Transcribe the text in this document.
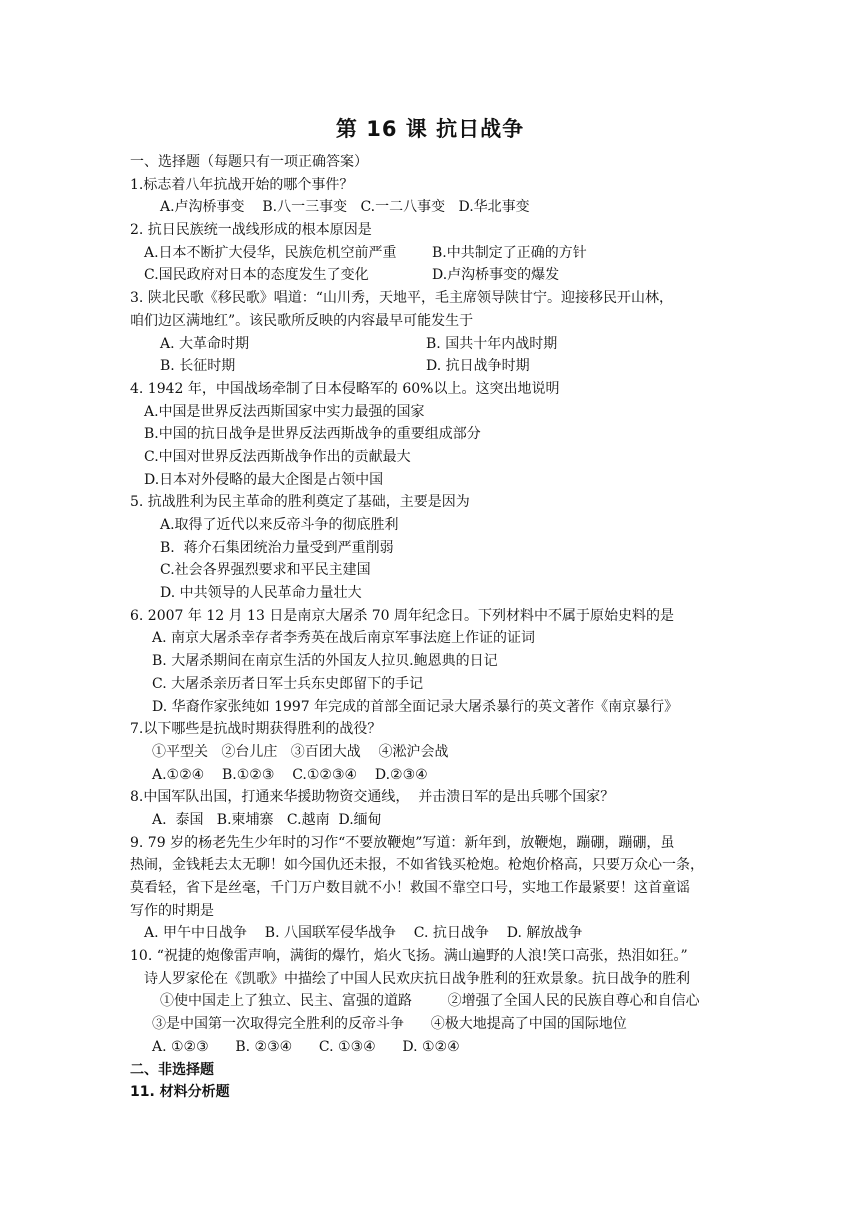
第 16 课 抗日战争
一、选择题（每题只有一项正确答案）
1.标志着八年抗战开始的哪个事件？
A.卢沟桥事变    B.八一三事变   C.一二八事变   D.华北事变
2. 抗日民族统一战线形成的根本原因是
A.日本不断扩大侵华，民族危机空前严重	B.中共制定了正确的方针
C.国民政府对日本的态度发生了变化	D.卢沟桥事变的爆发
3. 陕北民歌《移民歌》唱道：“山川秀，天地平，毛主席领导陕甘宁。迎接移民开山林，
咱们边区满地红”。该民歌所反映的内容最早可能发生于
A. 大革命时期	B. 国共十年内战时期
B. 长征时期	D. 抗日战争时期
4. 1942 年，中国战场牵制了日本侵略军的 60%以上。这突出地说明
A.中国是世界反法西斯国家中实力最强的国家
B.中国的抗日战争是世界反法西斯战争的重要组成部分
C.中国对世界反法西斯战争作出的贡献最大
D.日本对外侵略的最大企图是占领中国
5. 抗战胜利为民主革命的胜利奠定了基础，主要是因为
A.取得了近代以来反帝斗争的彻底胜利
B.  蒋介石集团统治力量受到严重削弱
C.社会各界强烈要求和平民主建国
D. 中共领导的人民革命力量壮大
6. 2007 年 12 月 13 日是南京大屠杀 70 周年纪念日。下列材料中不属于原始史料的是
A. 南京大屠杀幸存者李秀英在战后南京军事法庭上作证的证词
B. 大屠杀期间在南京生活的外国友人拉贝.鲍恩典的日记
C. 大屠杀亲历者日军士兵东史郎留下的手记
D. 华裔作家张纯如 1997 年完成的首部全面记录大屠杀暴行的英文著作《南京暴行》
7.以下哪些是抗战时期获得胜利的战役？
①平型关   ②台儿庄   ③百团大战    ④淞沪会战
A.①②④    B.①②③    C.①②③④    D.②③④
8.中国军队出国，打通来华援助物资交通线，  并击溃日军的是出兵哪个国家？
A.  泰国   B.柬埔寨   C.越南  D.缅甸
9. 79 岁的杨老先生少年时的习作“不要放鞭炮”写道：新年到，放鞭炮，蹦硼，蹦硼，虽
热闹，金钱耗去太无聊！如今国仇还未报，不如省钱买枪炮。枪炮价格高，只要万众心一条，
莫看轻，省下是丝毫，千门万户数目就不小！救国不靠空口号，实地工作最紧要！这首童谣
写作的时期是
A. 甲午中日战争    B. 八国联军侵华战争    C. 抗日战争    D. 解放战争
10. “祝捷的炮像雷声响，满街的爆竹，焰火飞扬。满山遍野的人浪!笑口高张，热泪如狂。”
诗人罗家伦在《凯歌》中描绘了中国人民欢庆抗日战争胜利的狂欢景象。抗日战争的胜利
①使中国走上了独立、民主、富强的道路        ②增强了全国人民的民族自尊心和自信心
③是中国第一次取得完全胜利的反帝斗争      ④极大地提高了中国的国际地位
A. ①②③      B. ②③④      C. ①③④      D. ①②④
二、非选择题
11. 材料分析题
